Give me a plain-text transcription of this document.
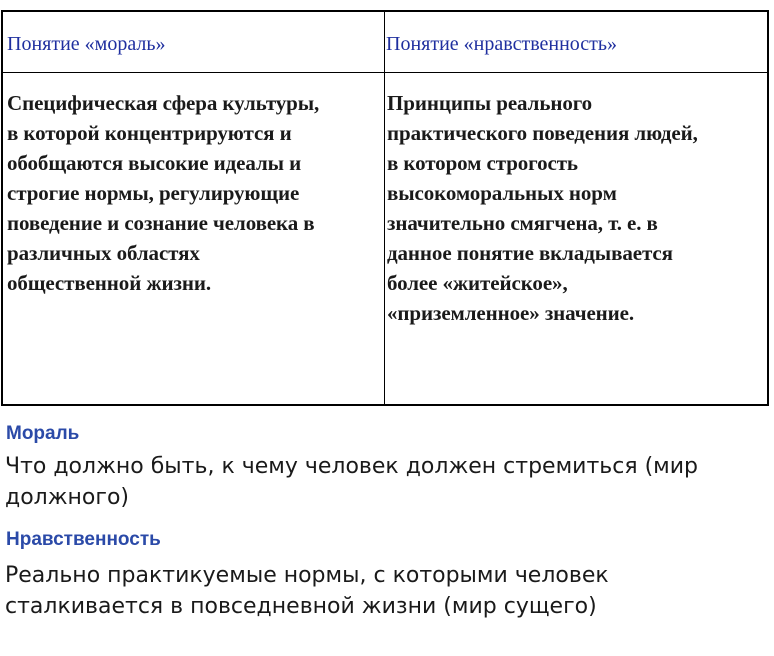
Понятие «мораль»	Понятие «нравственность»
Специфическая сфера культуры,
в которой концентрируются и
обобщаются высокие идеалы и
строгие нормы, регулирующие
поведение и сознание человека в
различных областях
общественной жизни.
Принципы реального
практического поведения людей,
в котором строгость
высокоморальных норм
значительно смягчена, т. е. в
данное понятие вкладывается
более «житейское»,
«приземленное» значение.
Мораль
Что должно быть, к чему человек должен стремиться (мир
должного)
Нравственность
Реально практикуемые нормы, с которыми человек
сталкивается в повседневной жизни (мир сущего)
